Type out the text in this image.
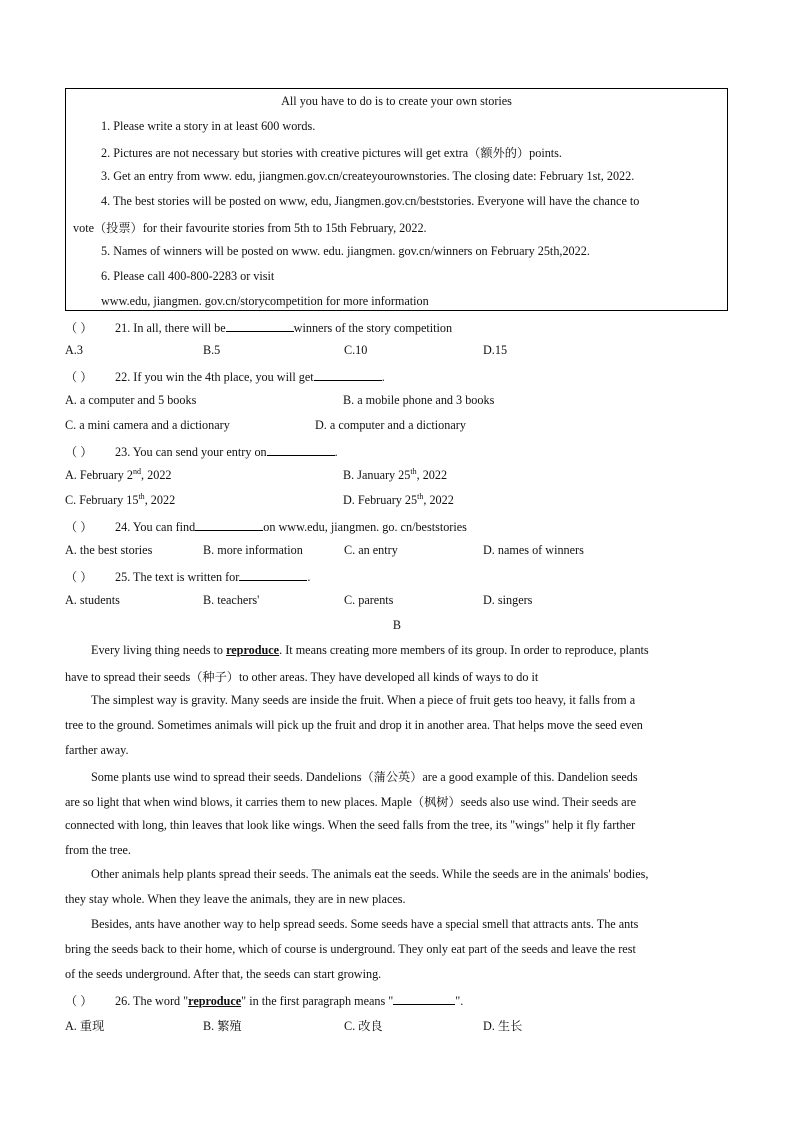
All you have to do is to create your own stories
1. Please write a story in at least 600 words.
2. Pictures are not necessary but stories with creative pictures will get extra（额外的）points.
3. Get an entry from www. edu, jiangmen.gov.cn/createyourownstories. The closing date: February 1st, 2022.
4. The best stories will be posted on www, edu, Jiangmen.gov.cn/beststories. Everyone will have the chance to
vote（投票）for their favourite stories from 5th to 15th February, 2022.
5. Names of winners will be posted on www. edu. jiangmen. gov.cn/winners on February 25th,2022.
6. Please call 400-800-2283 or visit
www.edu, jiangmen. gov.cn/storycompetition for more information
（ ） 21. In all, there will be	winners of the story competition
A.3	B.5	C.10	D.15
（ ） 22. If you win the 4th place, you will get	.
A. a computer and 5 books	B. a mobile phone and 3 books
C. a mini camera and a dictionary	D. a computer and a dictionary
（ ） 23. You can send your entry on	.
A. February 2nd, 2022	B. January 25th, 2022
C. February 15th, 2022	D. February 25th, 2022
（ ） 24. You can find	on www.edu, jiangmen. go. cn/beststories
A. the best stories	B. more information	C. an entry	D. names of winners
（ ） 25. The text is written for	.
A. students	B. teachers'	C. parents	D. singers
B
Every living thing needs to reproduce. It means creating more members of its group. In order to reproduce, plants
have to spread their seeds（种子）to other areas. They have developed all kinds of ways to do it
The simplest way is gravity. Many seeds are inside the fruit. When a piece of fruit gets too heavy, it falls from a
tree to the ground. Sometimes animals will pick up the fruit and drop it in another area. That helps move the seed even
farther away.
Some plants use wind to spread their seeds. Dandelions（蒲公英）are a good example of this. Dandelion seeds
are so light that when wind blows, it carries them to new places. Maple（枫树）seeds also use wind. Their seeds are
connected with long, thin leaves that look like wings. When the seed falls from the tree, its "wings" help it fly farther
from the tree.
Other animals help plants spread their seeds. The animals eat the seeds. While the seeds are in the animals' bodies,
they stay whole. When they leave the animals, they are in new places.
Besides, ants have another way to help spread seeds. Some seeds have a special smell that attracts ants. The ants
bring the seeds back to their home, which of course is underground. They only eat part of the seeds and leave the rest
of the seeds underground. After that, the seeds can start growing.
（ ） 26. The word "reproduce" in the first paragraph means "	".
A. 重现	B. 繁殖	C. 改良	D. 生长
